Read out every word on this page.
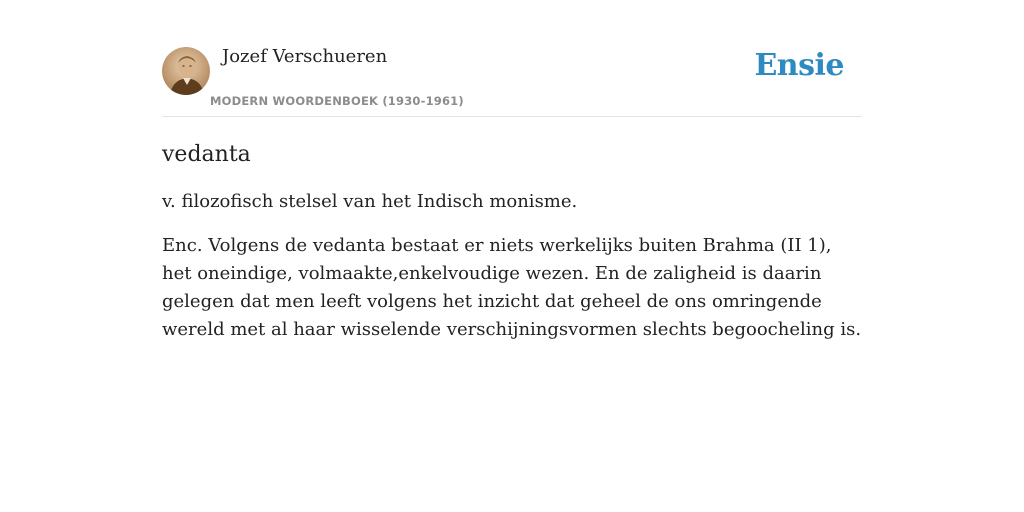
Jozef Verschueren
MODERN WOORDENBOEK (1930-1961)
Ensie
vedanta

v. filozofisch stelsel van het Indisch monisme.

Enc. Volgens de vedanta bestaat er niets werkelijks buiten Brahma (II 1), het oneindige, volmaakte,enkelvoudige wezen. En de zaligheid is daarin gelegen dat men leeft volgens het inzicht dat geheel de ons omringende wereld met al haar wisselende verschijningsvormen slechts begoocheling is.
